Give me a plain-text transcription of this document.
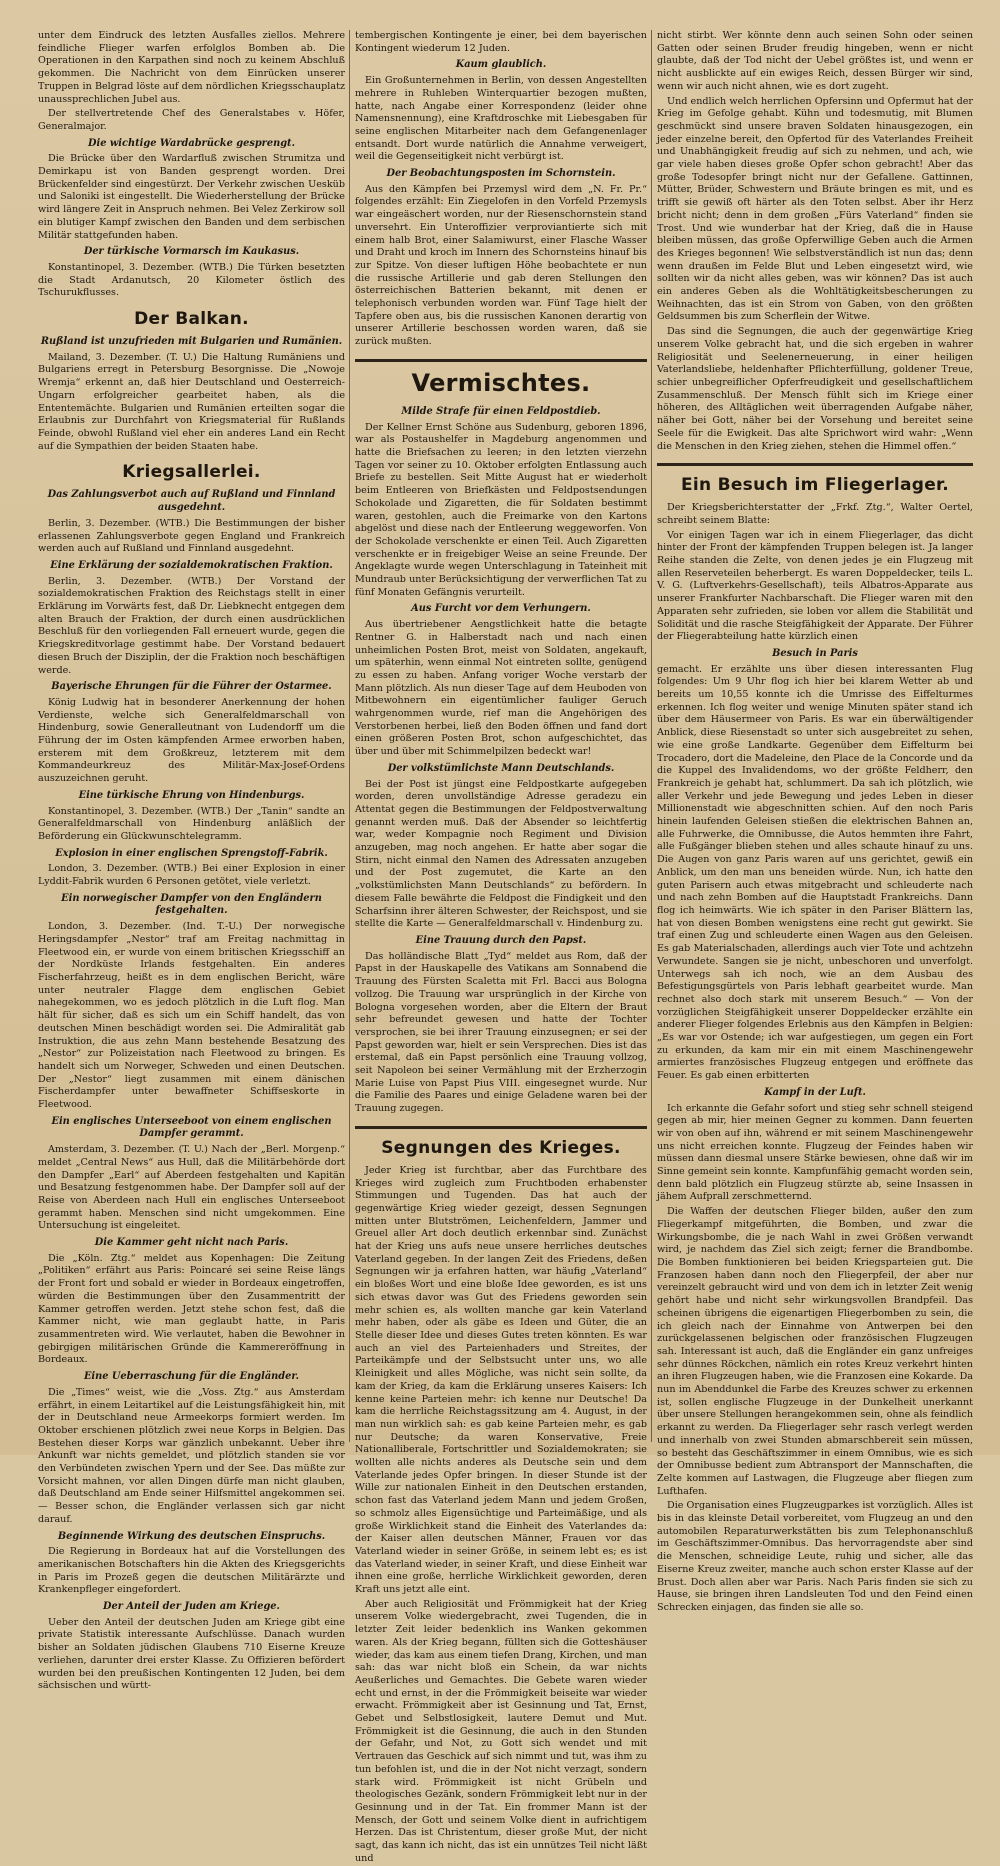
unter dem Eindruck des letzten Ausfalles ziellos. Mehrere feindliche Flieger warfen erfolglos Bomben ab. Die Operationen in den Karpathen sind noch zu keinem Abschluß gekommen. Die Nachricht von dem Einrücken unserer Truppen in Belgrad löste auf dem nördlichen Kriegsschauplatz unaussprechlichen Jubel aus.

Der stellvertretende Chef des Generalstabes v. Höfer, Generalmajor.

Die wichtige Wardabrücke gesprengt.

Die Brücke über den Wardarfluß zwischen Strumitza und Demirkapu ist von Banden gesprengt worden. Drei Brückenfelder sind eingestürzt. Der Verkehr zwischen Uesküb und Saloniki ist eingestellt. Die Wiederherstellung der Brücke wird längere Zeit in Anspruch nehmen. Bei Velez Zerkirow soll ein blutiger Kampf zwischen den Banden und dem serbischen Militär stattgefunden haben.

Der türkische Vormarsch im Kaukasus.

Konstantinopel, 3. Dezember. (WTB.) Die Türken besetzten die Stadt Ardanutsch, 20 Kilometer östlich des Tschurukflusses.

Der Balkan.
Rußland ist unzufrieden mit Bulgarien und Rumänien.

Mailand, 3. Dezember. (T. U.) Die Haltung Rumäniens und Bulgariens erregt in Petersburg Besorgnisse. Die „Nowoje Wremja“ erkennt an, daß hier Deutschland und Oesterreich-Ungarn erfolgreicher gearbeitet haben, als die Ententemächte. Bulgarien und Rumänien erteilten sogar die Erlaubnis zur Durchfahrt von Kriegsmaterial für Rußlands Feinde, obwohl Rußland viel eher ein anderes Land ein Recht auf die Sympathien der beiden Staaten habe.

Kriegsallerlei.
Das Zahlungsverbot auch auf Rußland und Finnland ausgedehnt.

Berlin, 3. Dezember. (WTB.) Die Bestimmungen der bisher erlassenen Zahlungsverbote gegen England und Frankreich werden auch auf Rußland und Finnland ausgedehnt.

Eine Erklärung der sozialdemokratischen Fraktion.

Berlin, 3. Dezember. (WTB.) Der Vorstand der sozialdemokratischen Fraktion des Reichstags stellt in einer Erklärung im Vorwärts fest, daß Dr. Liebknecht entgegen dem alten Brauch der Fraktion, der durch einen ausdrücklichen Beschluß für den vorliegenden Fall erneuert wurde, gegen die Kriegskreditvorlage gestimmt habe. Der Vorstand bedauert diesen Bruch der Disziplin, der die Fraktion noch beschäftigen werde.

Bayerische Ehrungen für die Führer der Ostarmee.

König Ludwig hat in besonderer Anerkennung der hohen Verdienste, welche sich Generalfeldmarschall von Hindenburg, sowie Generalleutnant von Ludendorff um die Führung der im Osten kämpfenden Armee erworben haben, ersterem mit dem Großkreuz, letzterem mit dem Kommandeurkreuz des Militär-Max-Josef-Ordens auszuzeichnen geruht.

Eine türkische Ehrung von Hindenburgs.

Konstantinopel, 3. Dezember. (WTB.) Der „Tanin“ sandte an Generalfeldmarschall von Hindenburg anläßlich der Beförderung ein Glückwunschtelegramm.

Explosion in einer englischen Sprengstoff-Fabrik.

London, 3. Dezember. (WTB.) Bei einer Explosion in einer Lyddit-Fabrik wurden 6 Personen getötet, viele verletzt.

Ein norwegischer Dampfer von den Engländern festgehalten.

London, 3. Dezember. (Ind. T.-U.) Der norwegische Heringsdampfer „Nestor“ traf am Freitag nachmittag in Fleetwood ein, er wurde von einem britischen Kriegsschiff an der Nordküste Irlands festgehalten. Ein anderes Fischerfahrzeug, heißt es in dem englischen Bericht, wäre unter neutraler Flagge dem englischen Gebiet nahegekommen, wo es jedoch plötzlich in die Luft flog. Man hält für sicher, daß es sich um ein Schiff handelt, das von deutschen Minen beschädigt worden sei. Die Admiralität gab Instruktion, die aus zehn Mann bestehende Besatzung des „Nestor“ zur Polizeistation nach Fleetwood zu bringen. Es handelt sich um Norweger, Schweden und einen Deutschen. Der „Nestor“ liegt zusammen mit einem dänischen Fischerdampfer unter bewaffneter Schiffseskorte in Fleetwood.

Ein englisches Unterseeboot von einem englischen Dampfer gerammt.

Amsterdam, 3. Dezember. (T. U.) Nach der „Berl. Morgenp.“ meldet „Central News“ aus Hull, daß die Militärbehörde dort den Dampfer „Earl“ auf Aberdeen festgehalten und Kapitän und Besatzung festgenommen habe. Der Dampfer soll auf der Reise von Aberdeen nach Hull ein englisches Unterseeboot gerammt haben. Menschen sind nicht umgekommen. Eine Untersuchung ist eingeleitet.

Die Kammer geht nicht nach Paris.

Die „Köln. Ztg.“ meldet aus Kopenhagen: Die Zeitung „Politiken“ erfährt aus Paris: Poincaré sei seine Reise längs der Front fort und sobald er wieder in Bordeaux eingetroffen, würden die Bestimmungen über den Zusammentritt der Kammer getroffen werden. Jetzt stehe schon fest, daß die Kammer nicht, wie man geglaubt hatte, in Paris zusammentreten wird. Wie verlautet, haben die Bewohner in gebirgigen militärischen Gründe die Kammereröffnung in Bordeaux.

Eine Ueberraschung für die Engländer.

Die „Times“ weist, wie die „Voss. Ztg.“ aus Amsterdam erfährt, in einem Leitartikel auf die Leistungsfähigkeit hin, mit der in Deutschland neue Armeekorps formiert werden. Im Oktober erschienen plötzlich zwei neue Korps in Belgien. Das Bestehen dieser Korps war gänzlich unbekannt. Ueber ihre Ankunft war nichts gemeldet, und plötzlich standen sie vor den Verbündeten zwischen Ypern und der See. Das müßte zur Vorsicht mahnen, vor allen Dingen dürfe man nicht glauben, daß Deutschland am Ende seiner Hilfsmittel angekommen sei. — Besser schon, die Engländer verlassen sich gar nicht darauf.

Beginnende Wirkung des deutschen Einspruchs.

Die Regierung in Bordeaux hat auf die Vorstellungen des amerikanischen Botschafters hin die Akten des Kriegsgerichts in Paris im Prozeß gegen die deutschen Militärärzte und Krankenpfleger eingefordert.

Der Anteil der Juden am Kriege.

Ueber den Anteil der deutschen Juden am Kriege gibt eine private Statistik interessante Aufschlüsse. Danach wurden bisher an Soldaten jüdischen Glaubens 710 Eiserne Kreuze verliehen, darunter drei erster Klasse. Zu Offizieren befördert wurden bei den preußischen Kontingenten 12 Juden, bei dem sächsischen und württ-

tembergischen Kontingente je einer, bei dem bayerischen Kontingent wiederum 12 Juden.

Kaum glaublich.

Ein Großunternehmen in Berlin, von dessen Angestellten mehrere in Ruhleben Winterquartier bezogen mußten, hatte, nach Angabe einer Korrespondenz (leider ohne Namensnennung), eine Kraftdroschke mit Liebesgaben für seine englischen Mitarbeiter nach dem Gefangenenlager entsandt. Dort wurde natürlich die Annahme verweigert, weil die Gegenseitigkeit nicht verbürgt ist.

Der Beobachtungsposten im Schornstein.

Aus den Kämpfen bei Przemysl wird dem „N. Fr. Pr.“ folgendes erzählt: Ein Ziegelofen in den Vorfeld Przemysls war eingeäschert worden, nur der Riesenschornstein stand unversehrt. Ein Unteroffizier verproviantierte sich mit einem halb Brot, einer Salamiwurst, einer Flasche Wasser und Draht und kroch im Innern des Schornsteins hinauf bis zur Spitze. Von dieser luftigen Höhe beobachtete er nun die russische Artillerie und gab deren Stellungen den österreichischen Batterien bekannt, mit denen er telephonisch verbunden worden war. Fünf Tage hielt der Tapfere oben aus, bis die russischen Kanonen derartig von unserer Artillerie beschossen worden waren, daß sie zurück mußten.

Vermischtes.
Milde Strafe für einen Feldpostdieb.

Der Kellner Ernst Schöne aus Sudenburg, geboren 1896, war als Postaushelfer in Magdeburg angenommen und hatte die Briefsachen zu leeren; in den letzten vierzehn Tagen vor seiner zu 10. Oktober erfolgten Entlassung auch Briefe zu bestellen. Seit Mitte August hat er wiederholt beim Entleeren von Briefkästen und Feldpostsendungen Schokolade und Zigaretten, die für Soldaten bestimmt waren, gestohlen, auch die Freimarke von den Kartons abgelöst und diese nach der Entleerung weggeworfen. Von der Schokolade verschenkte er einen Teil. Auch Zigaretten verschenkte er in freigebiger Weise an seine Freunde. Der Angeklagte wurde wegen Unterschlagung in Tateinheit mit Mundraub unter Berücksichtigung der verwerflichen Tat zu fünf Monaten Gefängnis verurteilt.

Aus Furcht vor dem Verhungern.

Aus übertriebener Aengstlichkeit hatte die betagte Rentner G. in Halberstadt nach und nach einen unheimlichen Posten Brot, meist von Soldaten, angekauft, um späterhin, wenn einmal Not eintreten sollte, genügend zu essen zu haben. Anfang voriger Woche verstarb der Mann plötzlich. Als nun dieser Tage auf dem Heuboden von Mitbewohnern ein eigentümlicher fauliger Geruch wahrgenommen wurde, rief man die Angehörigen des Verstorbenen herbei, ließ den Boden öffnen und fand dort einen größeren Posten Brot, schon aufgeschichtet, das über und über mit Schimmelpilzen bedeckt war!

Der volkstümlichste Mann Deutschlands.

Bei der Post ist jüngst eine Feldpostkarte aufgegeben worden, deren unvollständige Adresse geradezu ein Attentat gegen die Bestimmungen der Feldpostverwaltung genannt werden muß. Daß der Absender so leichtfertig war, weder Kompagnie noch Regiment und Division anzugeben, mag noch angehen. Er hatte aber sogar die Stirn, nicht einmal den Namen des Adressaten anzugeben und der Post zugemutet, die Karte an den „volkstümlichsten Mann Deutschlands“ zu befördern. In diesem Falle bewährte die Feldpost die Findigkeit und den Scharfsinn ihrer älteren Schwester, der Reichspost, und sie stellte die Karte — Generalfeldmarschall v. Hindenburg zu.

Eine Trauung durch den Papst.

Das holländische Blatt „Tyd“ meldet aus Rom, daß der Papst in der Hauskapelle des Vatikans am Sonnabend die Trauung des Fürsten Scaletta mit Frl. Bacci aus Bologna vollzog. Die Trauung war ursprünglich in der Kirche von Bologna vorgesehen worden, aber die Eltern der Braut sehr befreundet gewesen und hatte der Tochter versprochen, sie bei ihrer Trauung einzusegnen; er sei der Papst geworden war, hielt er sein Versprechen. Dies ist das erstemal, daß ein Papst persönlich eine Trauung vollzog, seit Napoleon bei seiner Vermählung mit der Erzherzogin Marie Luise von Papst Pius VIII. eingesegnet wurde. Nur die Familie des Paares und einige Geladene waren bei der Trauung zugegen.

Segnungen des Krieges.

Jeder Krieg ist furchtbar, aber das Furchtbare des Krieges wird zugleich zum Fruchtboden erhabenster Stimmungen und Tugenden. Das hat auch der gegenwärtige Krieg wieder gezeigt, dessen Segnungen mitten unter Blutströmen, Leichenfeldern, Jammer und Greuel aller Art doch deutlich erkennbar sind. Zunächst hat der Krieg uns aufs neue unsere herrliches deutsches Vaterland gegeben. In der langen Zeit des Friedens, deßen Segnungen wir ja erfahren hatten, war häufig „Vaterland“ ein bloßes Wort und eine bloße Idee geworden, es ist uns sich etwas davor was Gut des Friedens geworden sein mehr schien es, als wollten manche gar kein Vaterland mehr haben, oder als gäbe es Ideen und Güter, die an Stelle dieser Idee und dieses Gutes treten könnten. Es war auch an viel des Parteienhaders und Streites, der Parteikämpfe und der Selbstsucht unter uns, wo alle Kleinigkeit und alles Mögliche, was nicht sein sollte, da kam der Krieg, da kam die Erklärung unseres Kaisers: Ich kenne keine Parteien mehr: ich kenne nur Deutsche! Da kam die herrliche Reichstagssitzung am 4. August, in der man nun wirklich sah: es gab keine Parteien mehr, es gab nur Deutsche; da waren Konservative, Freie Nationalliberale, Fortschrittler und Sozialdemokraten; sie wollten alle nichts anderes als Deutsche sein und dem Vaterlande jedes Opfer bringen. In dieser Stunde ist der Wille zur nationalen Einheit in den Deutschen erstanden, schon fast das Vaterland jedem Mann und jedem Großen, so schmolz alles Eigensüchtige und Parteimäßige, und als große Wirklichkeit stand die Einheit des Vaterlandes da: der Kaiser allen deutschen Männer, Frauen vor das Vaterland wieder in seiner Größe, in seinem lebt es; es ist das Vaterland wieder, in seiner Kraft, und diese Einheit war ihnen eine große, herrliche Wirklichkeit geworden, deren Kraft uns jetzt alle eint.

Aber auch Religiosität und Frömmigkeit hat der Krieg unserem Volke wiedergebracht, zwei Tugenden, die in letzter Zeit leider bedenklich ins Wanken gekommen waren. Als der Krieg begann, füllten sich die Gotteshäuser wieder, das kam aus einem tiefen Drang, Kirchen, und man sah: das war nicht bloß ein Schein, da war nichts Aeußerliches und Gemachtes. Die Gebete waren wieder echt und ernst, in der die Frömmigkeit beiseite war wieder erwacht. Frömmigkeit aber ist Gesinnung und Tat, Ernst, Gebet und Selbstlosigkeit, lautere Demut und Mut. Frömmigkeit ist die Gesinnung, die auch in den Stunden der Gefahr, und Not, zu Gott sich wendet und mit Vertrauen das Geschick auf sich nimmt und tut, was ihm zu tun befohlen ist, und die in der Not nicht verzagt, sondern stark wird. Frömmigkeit ist nicht Grübeln und theologisches Gezänk, sondern Frömmigkeit lebt nur in der Gesinnung und in der Tat. Ein frommer Mann ist der Mensch, der Gott und seinem Volke dient in aufrichtigem Herzen. Das ist Christentum, dieser große Mut, der nicht sagt, das kann ich nicht, das ist ein unnützes Teil nicht läßt und

nicht stirbt. Wer könnte denn auch seinen Sohn oder seinen Gatten oder seinen Bruder freudig hingeben, wenn er nicht glaubte, daß der Tod nicht der Uebel größtes ist, und wenn er nicht ausblickte auf ein ewiges Reich, dessen Bürger wir sind, wenn wir auch nicht ahnen, wie es dort zugeht.

Und endlich welch herrlichen Opfersinn und Opfermut hat der Krieg im Gefolge gehabt. Kühn und todesmutig, mit Blumen geschmückt sind unsere braven Soldaten hinausgezogen, ein jeder einzelne bereit, den Opfertod für des Vaterlandes Freiheit und Unabhängigkeit freudig auf sich zu nehmen, und ach, wie gar viele haben dieses große Opfer schon gebracht! Aber das große Todesopfer bringt nicht nur der Gefallene. Gattinnen, Mütter, Brüder, Schwestern und Bräute bringen es mit, und es trifft sie gewiß oft härter als den Toten selbst. Aber ihr Herz bricht nicht; denn in dem großen „Fürs Vaterland“ finden sie Trost. Und wie wunderbar hat der Krieg, daß die in Hause bleiben müssen, das große Opferwillige Geben auch die Armen des Krieges begonnen! Wie selbstverständlich ist nun das; denn wenn draußen im Felde Blut und Leben eingesetzt wird, wie sollten wir da nicht alles geben, was wir können? Das ist auch ein anderes Geben als die Wohltätigkeitsbescherungen zu Weihnachten, das ist ein Strom von Gaben, von den größten Geldsummen bis zum Scherflein der Witwe.

Das sind die Segnungen, die auch der gegenwärtige Krieg unserem Volke gebracht hat, und die sich ergeben in wahrer Religiosität und Seelenerneuerung, in einer heiligen Vaterlandsliebe, heldenhafter Pflichterfüllung, goldener Treue, schier unbegreiflicher Opferfreudigkeit und gesellschaftlichem Zusammenschluß. Der Mensch fühlt sich im Kriege einer höheren, des Alltäglichen weit überragenden Aufgabe näher, näher bei Gott, näher bei der Vorsehung und bereitet seine Seele für die Ewigkeit. Das alte Sprichwort wird wahr: „Wenn die Menschen in den Krieg ziehen, stehen die Himmel offen.“

Ein Besuch im Fliegerlager.

Der Kriegsberichterstatter der „Frkf. Ztg.“, Walter Oertel, schreibt seinem Blatte:

Vor einigen Tagen war ich in einem Fliegerlager, das dicht hinter der Front der kämpfenden Truppen belegen ist. Ja langer Reihe standen die Zelte, von denen jedes je ein Flugzeug mit allen Reserveteilen beherbergt. Es waren Doppeldecker, teils L. V. G. (Luftverkehrs-Gesellschaft), teils Albatros-Apparate aus unserer Frankfurter Nachbarschaft. Die Flieger waren mit den Apparaten sehr zufrieden, sie loben vor allem die Stabilität und Solidität und die rasche Steigfähigkeit der Apparate. Der Führer der Fliegerabteilung hatte kürzlich einen

Besuch in Paris

gemacht. Er erzählte uns über diesen interessanten Flug folgendes: Um 9 Uhr flog ich hier bei klarem Wetter ab und bereits um 10,55 konnte ich die Umrisse des Eiffelturmes erkennen. Ich flog weiter und wenige Minuten später stand ich über dem Häusermeer von Paris. Es war ein überwältigender Anblick, diese Riesenstadt so unter sich ausgebreitet zu sehen, wie eine große Landkarte. Gegenüber dem Eiffelturm bei Trocadero, dort die Madeleine, den Place de la Concorde und da die Kuppel des Invalidendoms, wo der größte Feldherr, den Frankreich je gehabt hat, schlummert. Da sah ich plötzlich, wie aller Verkehr und jede Bewegung und jedes Leben in dieser Millionenstadt wie abgeschnitten schien. Auf den noch Paris hinein laufenden Geleisen stießen die elektrischen Bahnen an, alle Fuhrwerke, die Omnibusse, die Autos hemmten ihre Fahrt, alle Fußgänger blieben stehen und alles schaute hinauf zu uns. Die Augen von ganz Paris waren auf uns gerichtet, gewiß ein Anblick, um den man uns beneiden würde. Nun, ich hatte den guten Parisern auch etwas mitgebracht und schleuderte nach und nach zehn Bomben auf die Hauptstadt Frankreichs. Dann flog ich heimwärts. Wie ich später in den Pariser Blättern las, hat von diesen Bomben wenigstens eine recht gut gewirkt. Sie traf einen Zug und schleuderte einen Wagen aus den Geleisen. Es gab Materialschaden, allerdings auch vier Tote und achtzehn Verwundete. Sangen sie je nicht, unbeschoren und unverfolgt. Unterwegs sah ich noch, wie an dem Ausbau des Befestigungsgürtels von Paris lebhaft gearbeitet wurde. Man rechnet also doch stark mit unserem Besuch.“ — Von der vorzüglichen Steigfähigkeit unserer Doppeldecker erzählte ein anderer Flieger folgendes Erlebnis aus den Kämpfen in Belgien: „Es war vor Ostende; ich war aufgestiegen, um gegen ein Fort zu erkunden, da kam mir ein mit einem Maschinengewehr armiertes französisches Flugzeug entgegen und eröffnete das Feuer. Es gab einen erbitterten

Kampf in der Luft.

Ich erkannte die Gefahr sofort und stieg sehr schnell steigend gegen ab mir, hier meinen Gegner zu kommen. Dann feuerten wir von oben auf ihn, während er mit seinem Maschinengewehr uns nicht erreichen konnte. Flugzeug der Feindes haben wir müssen dann diesmal unsere Stärke bewiesen, ohne daß wir im Sinne gemeint sein konnte. Kampfunfähig gemacht worden sein, denn bald plötzlich ein Flugzeug stürzte ab, seine Insassen in jähem Aufprall zerschmetternd.

Die Waffen der deutschen Flieger bilden, außer den zum Fliegerkampf mitgeführten, die Bomben, und zwar die Wirkungsbombe, die je nach Wahl in zwei Größen verwandt wird, je nachdem das Ziel sich zeigt; ferner die Brandbombe. Die Bomben funktionieren bei beiden Kriegsparteien gut. Die Franzosen haben dann noch den Fliegerpfeil, der aber nur vereinzelt gebraucht wird und von dem ich in letzter Zeit wenig gehört habe und nicht sehr wirkungsvollen Brandpfeil. Das scheinen übrigens die eigenartigen Fliegerbomben zu sein, die ich gleich nach der Einnahme von Antwerpen bei den zurückgelassenen belgischen oder französischen Flugzeugen sah. Interessant ist auch, daß die Engländer ein ganz unfreiges sehr dünnes Röckchen, nämlich ein rotes Kreuz verkehrt hinten an ihren Flugzeugen haben, wie die Franzosen eine Kokarde. Da nun im Abenddunkel die Farbe des Kreuzes schwer zu erkennen ist, sollen englische Flugzeuge in der Dunkelheit unerkannt über unsere Stellungen herangekommen sein, ohne als feindlich erkannt zu werden. Da Fliegerlager sehr rasch verlegt werden und innerhalb von zwei Stunden abmarschbereit sein müssen, so besteht das Geschäftszimmer in einem Omnibus, wie es sich der Omnibusse bedient zum Abtransport der Mannschaften, die Zelte kommen auf Lastwagen, die Flugzeuge aber fliegen zum Lufthafen.

Die Organisation eines Flugzeugparkes ist vorzüglich. Alles ist bis in das kleinste Detail vorbereitet, vom Flugzeug an und den automobilen Reparaturwerkstätten bis zum Telephonanschluß im Geschäftszimmer-Omnibus. Das hervorragendste aber sind die Menschen, schneidige Leute, ruhig und sicher, alle das Eiserne Kreuz zweiter, manche auch schon erster Klasse auf der Brust. Doch allen aber war Paris. Nach Paris finden sie sich zu Hause, sie bringen ihren Landsleuten Tod und den Feind einen Schrecken einjagen, das finden sie alle so.
